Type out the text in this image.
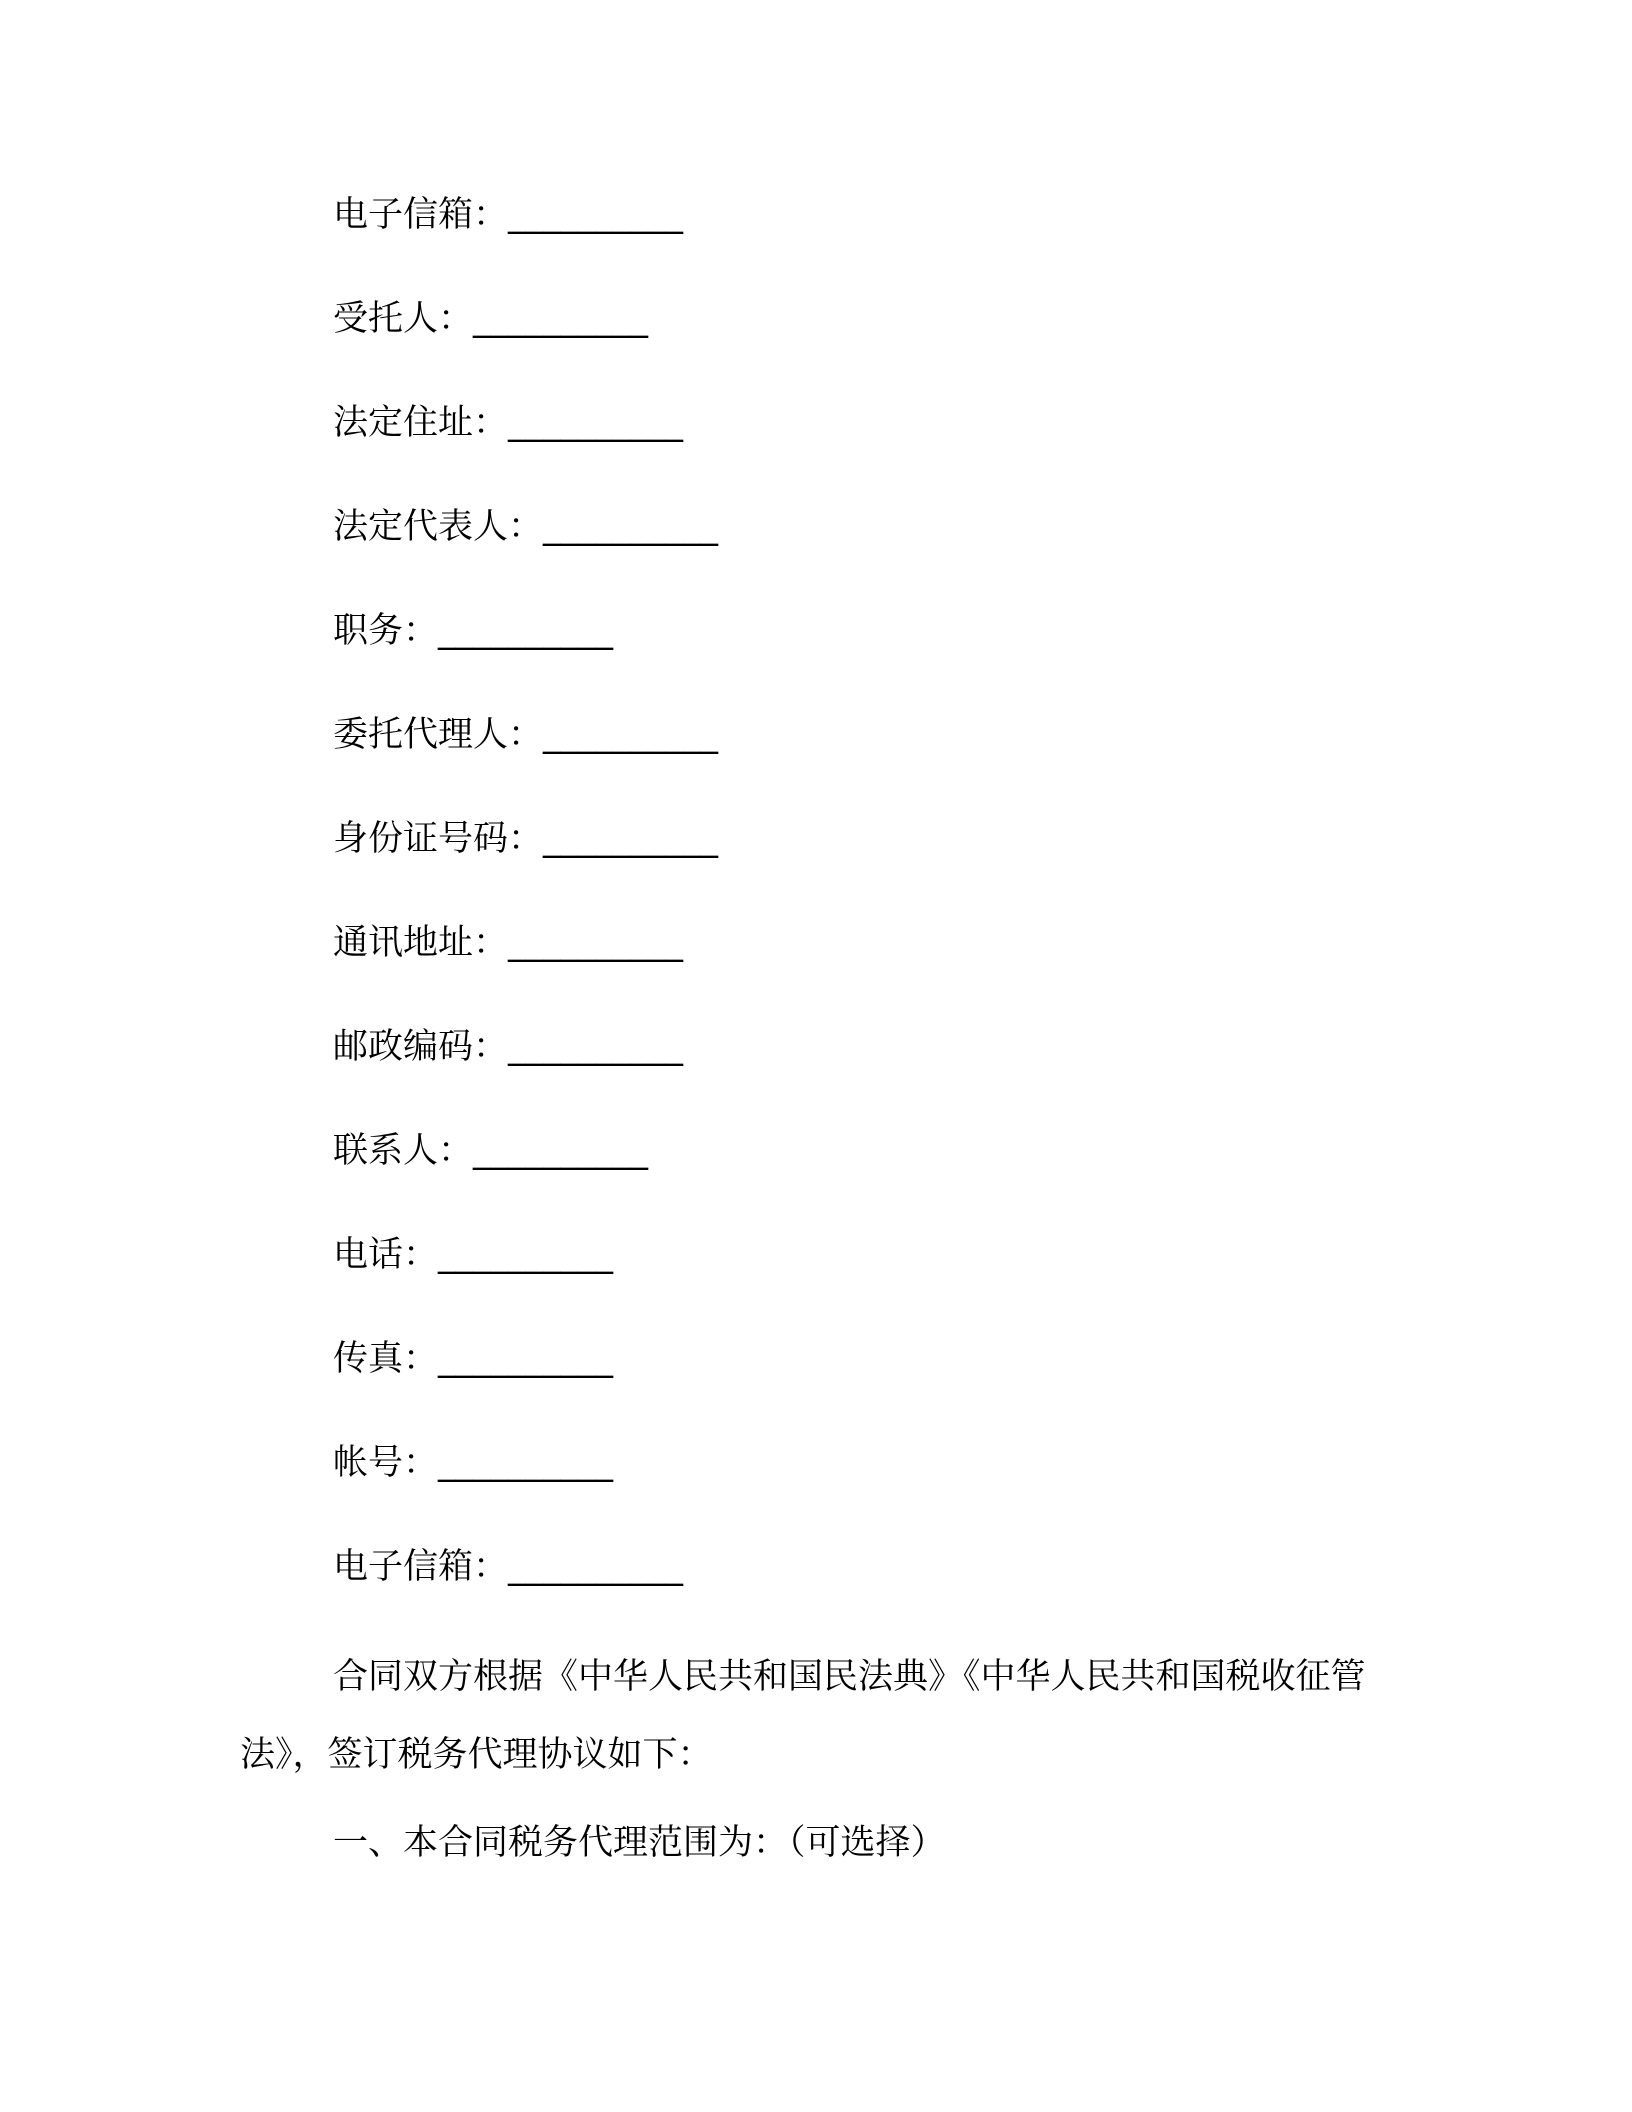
电子信箱：__________
受托人：__________
法定住址：__________
法定代表人：__________
职务：__________
委托代理人：__________
身份证号码：__________
通讯地址：__________
邮政编码：__________
联系人：__________
电话：__________
传真：__________
帐号：__________
电子信箱：__________

合同双方根据《中华人民共和国民法典》《中华人民共和国税收征管法》，签订税务代理协议如下：

一、本合同税务代理范围为：（可选择）
